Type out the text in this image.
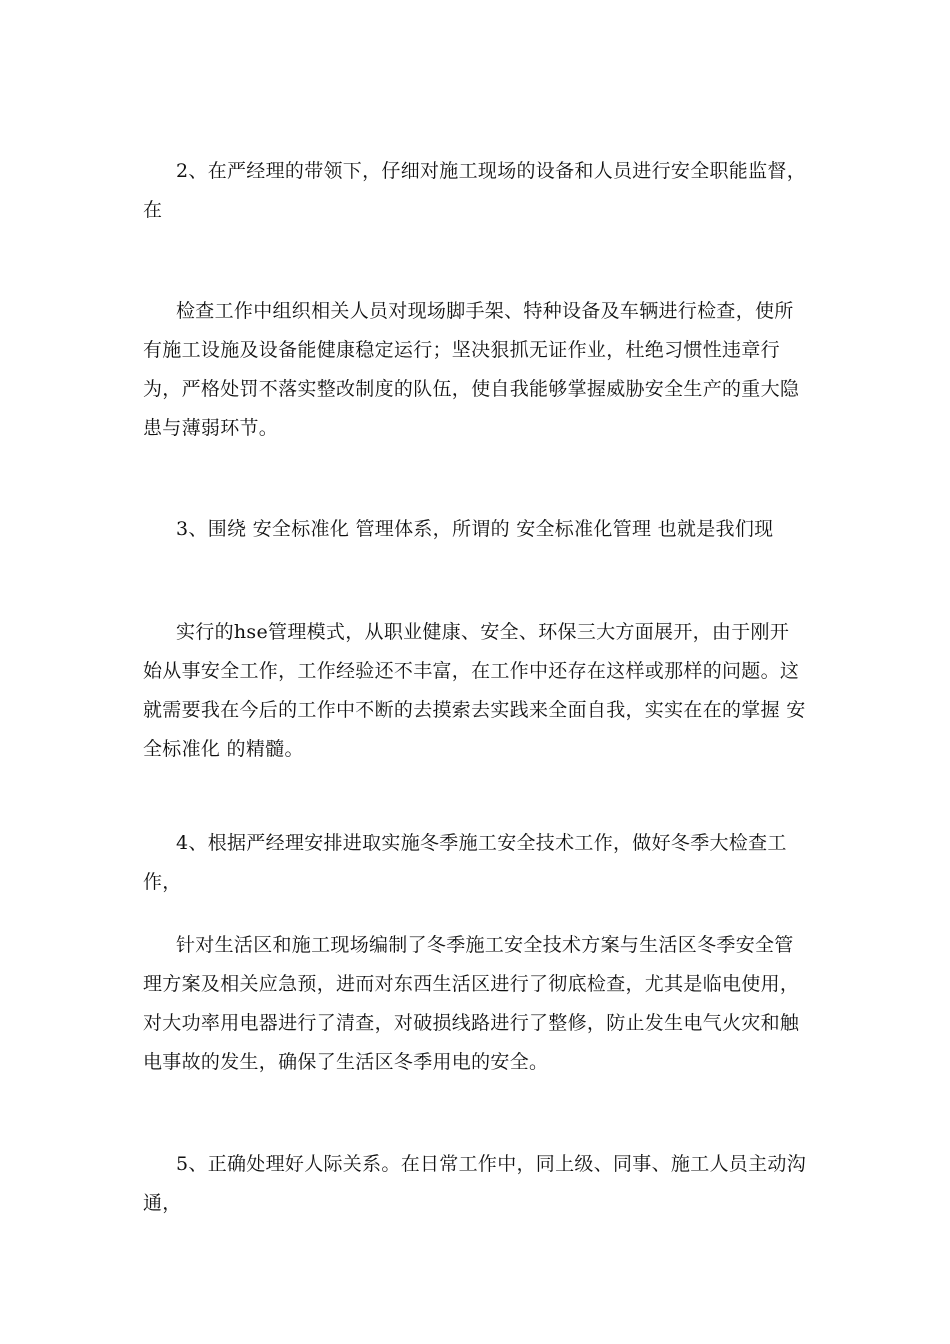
2、在严经理的带领下，仔细对施工现场的设备和人员进行安全职能监督，在

检查工作中组织相关人员对现场脚手架、特种设备及车辆进行检查，使所有施工设施及设备能健康稳定运行；坚决狠抓无证作业，杜绝习惯性违章行为，严格处罚不落实整改制度的队伍，使自我能够掌握威胁安全生产的重大隐患与薄弱环节。

3、围绕 安全标准化 管理体系，所谓的 安全标准化管理 也就是我们现

实行的hse管理模式，从职业健康、安全、环保三大方面展开，由于刚开始从事安全工作，工作经验还不丰富，在工作中还存在这样或那样的问题。这就需要我在今后的工作中不断的去摸索去实践来全面自我，实实在在的掌握 安全标准化 的精髓。

4、根据严经理安排进取实施冬季施工安全技术工作，做好冬季大检查工作，

针对生活区和施工现场编制了冬季施工安全技术方案与生活区冬季安全管理方案及相关应急预，进而对东西生活区进行了彻底检查，尤其是临电使用，对大功率用电器进行了清查，对破损线路进行了整修，防止发生电气火灾和触电事故的发生，确保了生活区冬季用电的安全。

5、正确处理好人际关系。在日常工作中，同上级、同事、施工人员主动沟通，
